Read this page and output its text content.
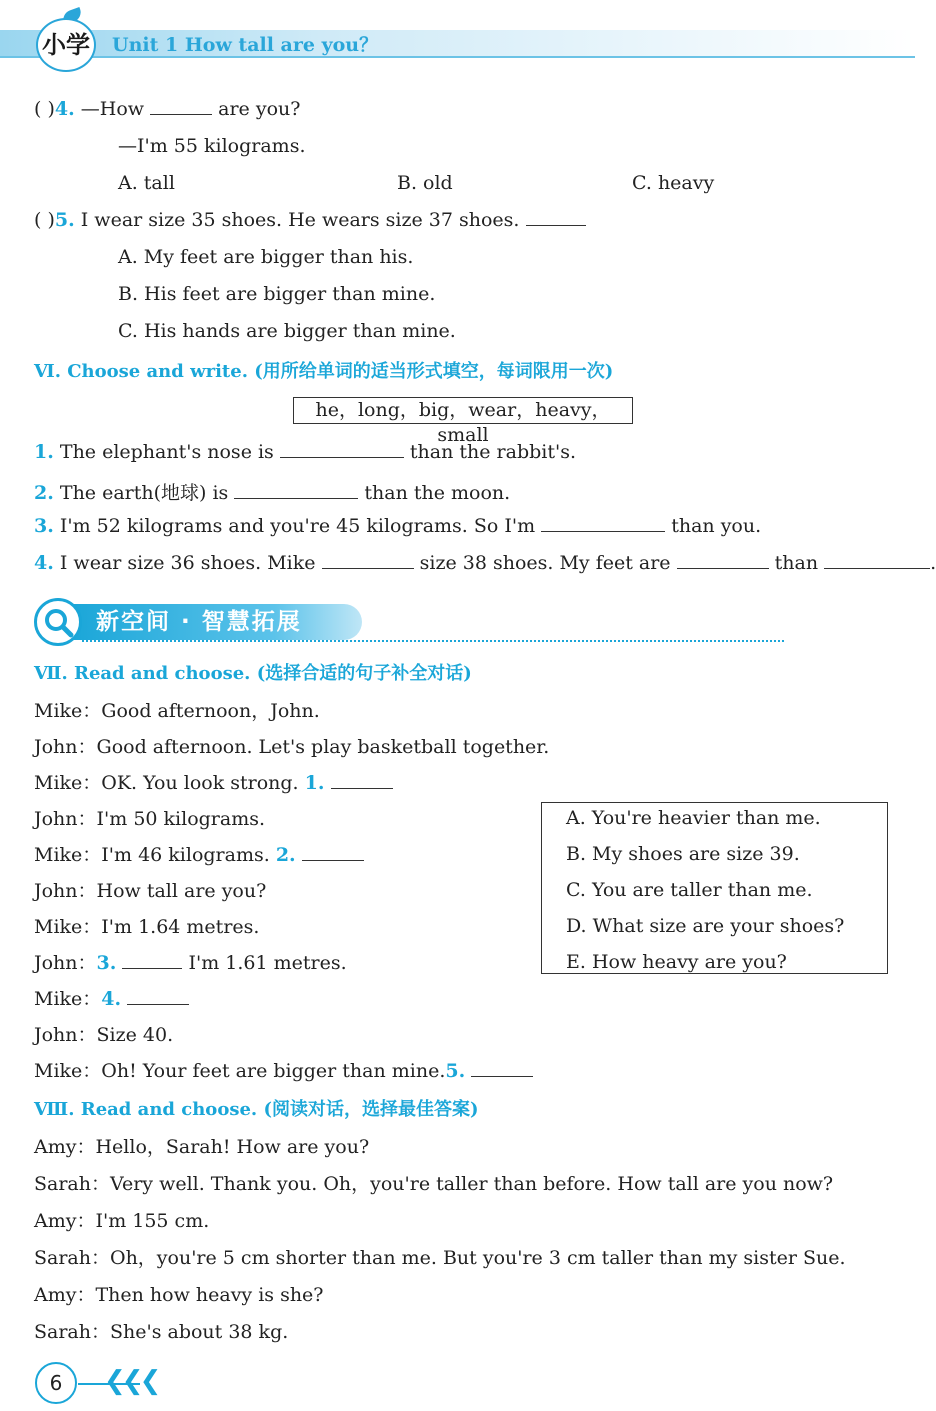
小学	Unit 1 How tall are you？
( )4. —How	are you?
—I'm 55 kilograms.
A. tall	B. old	C. heavy
( )5. I wear size 35 shoes. He wears size 37 shoes.
A. My feet are bigger than his.
B. His feet are bigger than mine.
C. His hands are bigger than mine.
Ⅵ. Choose and write. (用所给单词的适当形式填空，每词限用一次)
he，long，big，wear，heavy，small
1. The elephant's nose is	than the rabbit's.
2. The earth(地球) is	than the moon.
3. I'm 52 kilograms and you're 45 kilograms. So I'm	than you.
4. I wear size 36 shoes. Mike	size 38 shoes. My feet are	than	.
新空间 · 智慧拓展
Ⅶ. Read and choose. (选择合适的句子补全对话)
Mike：Good afternoon，John.
John：Good afternoon. Let's play basketball together.
Mike：OK. You look strong. 1.
John：I'm 50 kilograms.
Mike：I'm 46 kilograms. 2.
John：How tall are you?
Mike：I'm 1.64 metres.
John：3.	I'm 1.61 metres.
Mike：4.
John：Size 40.
Mike：Oh! Your feet are bigger than mine.5.
A. You're heavier than me.
B. My shoes are size 39.
C. You are taller than me.
D. What size are your shoes?
E. How heavy are you?
Ⅷ. Read and choose. (阅读对话，选择最佳答案)
Amy：Hello，Sarah! How are you?
Sarah：Very well. Thank you. Oh，you're taller than before. How tall are you now?
Amy：I'm 155 cm.
Sarah：Oh，you're 5 cm shorter than me. But you're 3 cm taller than my sister Sue.
Amy：Then how heavy is she?
Sarah：She's about 38 kg.
6	❮❮❮
